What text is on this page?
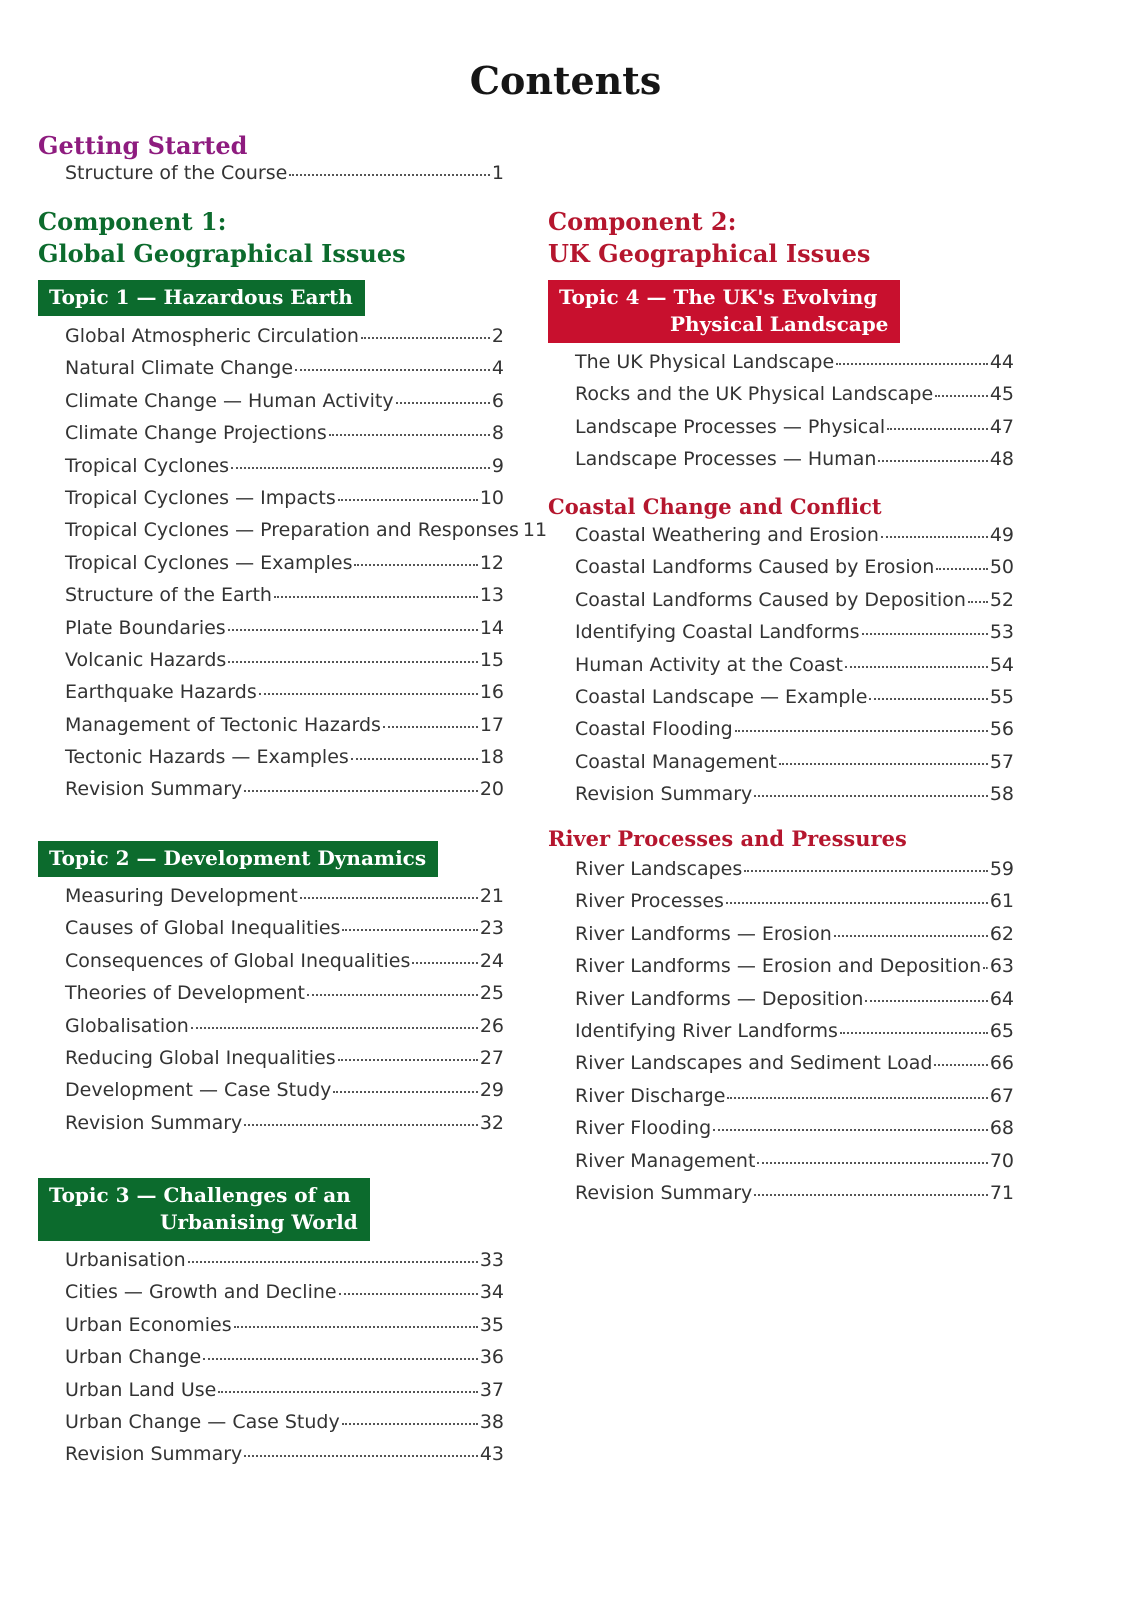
Contents
Getting Started
Structure of the Course	1
Component 1:
Global Geographical Issues
Topic 1 — Hazardous Earth
Global Atmospheric Circulation	2
Natural Climate Change	4
Climate Change — Human Activity	6
Climate Change Projections	8
Tropical Cyclones	9
Tropical Cyclones — Impacts	10
Tropical Cyclones — Preparation and Responses 11
Tropical Cyclones — Examples	12
Structure of the Earth	13
Plate Boundaries	14
Volcanic Hazards	15
Earthquake Hazards	16
Management of Tectonic Hazards	17
Tectonic Hazards — Examples	18
Revision Summary	20
Topic 2 — Development Dynamics
Measuring Development	21
Causes of Global Inequalities	23
Consequences of Global Inequalities	24
Theories of Development	25
Globalisation	26
Reducing Global Inequalities	27
Development — Case Study	29
Revision Summary	32
Topic 3 — Challenges of an
Urbanising World
Urbanisation	33
Cities — Growth and Decline	34
Urban Economies	35
Urban Change	36
Urban Land Use	37
Urban Change — Case Study	38
Revision Summary	43
Component 2:
UK Geographical Issues
Topic 4 — The UK's Evolving
Physical Landscape
The UK Physical Landscape	44
Rocks and the UK Physical Landscape	45
Landscape Processes — Physical	47
Landscape Processes — Human	48
Coastal Change and Conflict
Coastal Weathering and Erosion	49
Coastal Landforms Caused by Erosion	50
Coastal Landforms Caused by Deposition 52
Identifying Coastal Landforms	53
Human Activity at the Coast	54
Coastal Landscape — Example	55
Coastal Flooding	56
Coastal Management	57
Revision Summary	58
River Processes and Pressures
River Landscapes	59
River Processes	61
River Landforms — Erosion	62
River Landforms — Erosion and Deposition 63
River Landforms — Deposition	64
Identifying River Landforms	65
River Landscapes and Sediment Load	66
River Discharge	67
River Flooding	68
River Management	70
Revision Summary	71
